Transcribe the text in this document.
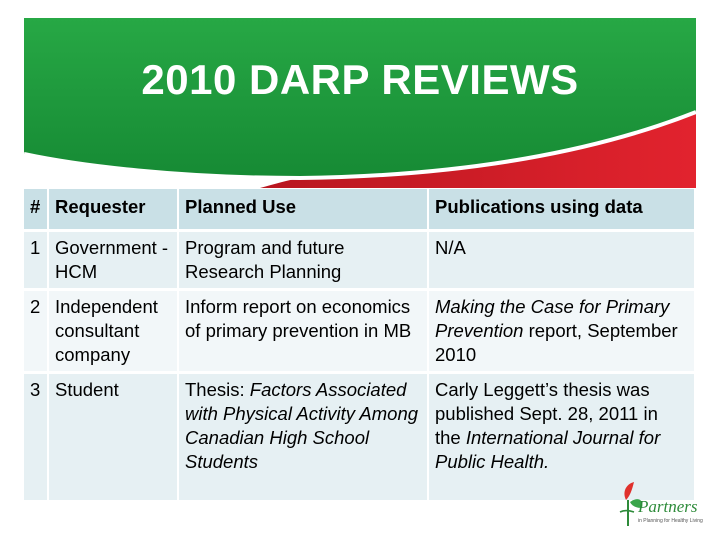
2010 DARP REVIEWS
#	Requester	Planned Use	Publications using data
1	Government - HCM	Program and future Research Planning	N/A
2	Independent consultant company	Inform report on economics of primary prevention in MB	Making the Case for Primary Prevention report, September 2010
3	Student	Thesis: Factors Associated with Physical Activity Among Canadian High School Students	Carly Leggett’s thesis was published Sept. 28, 2011 in the International Journal for Public Health.
Partners
in Planning for Healthy Living
